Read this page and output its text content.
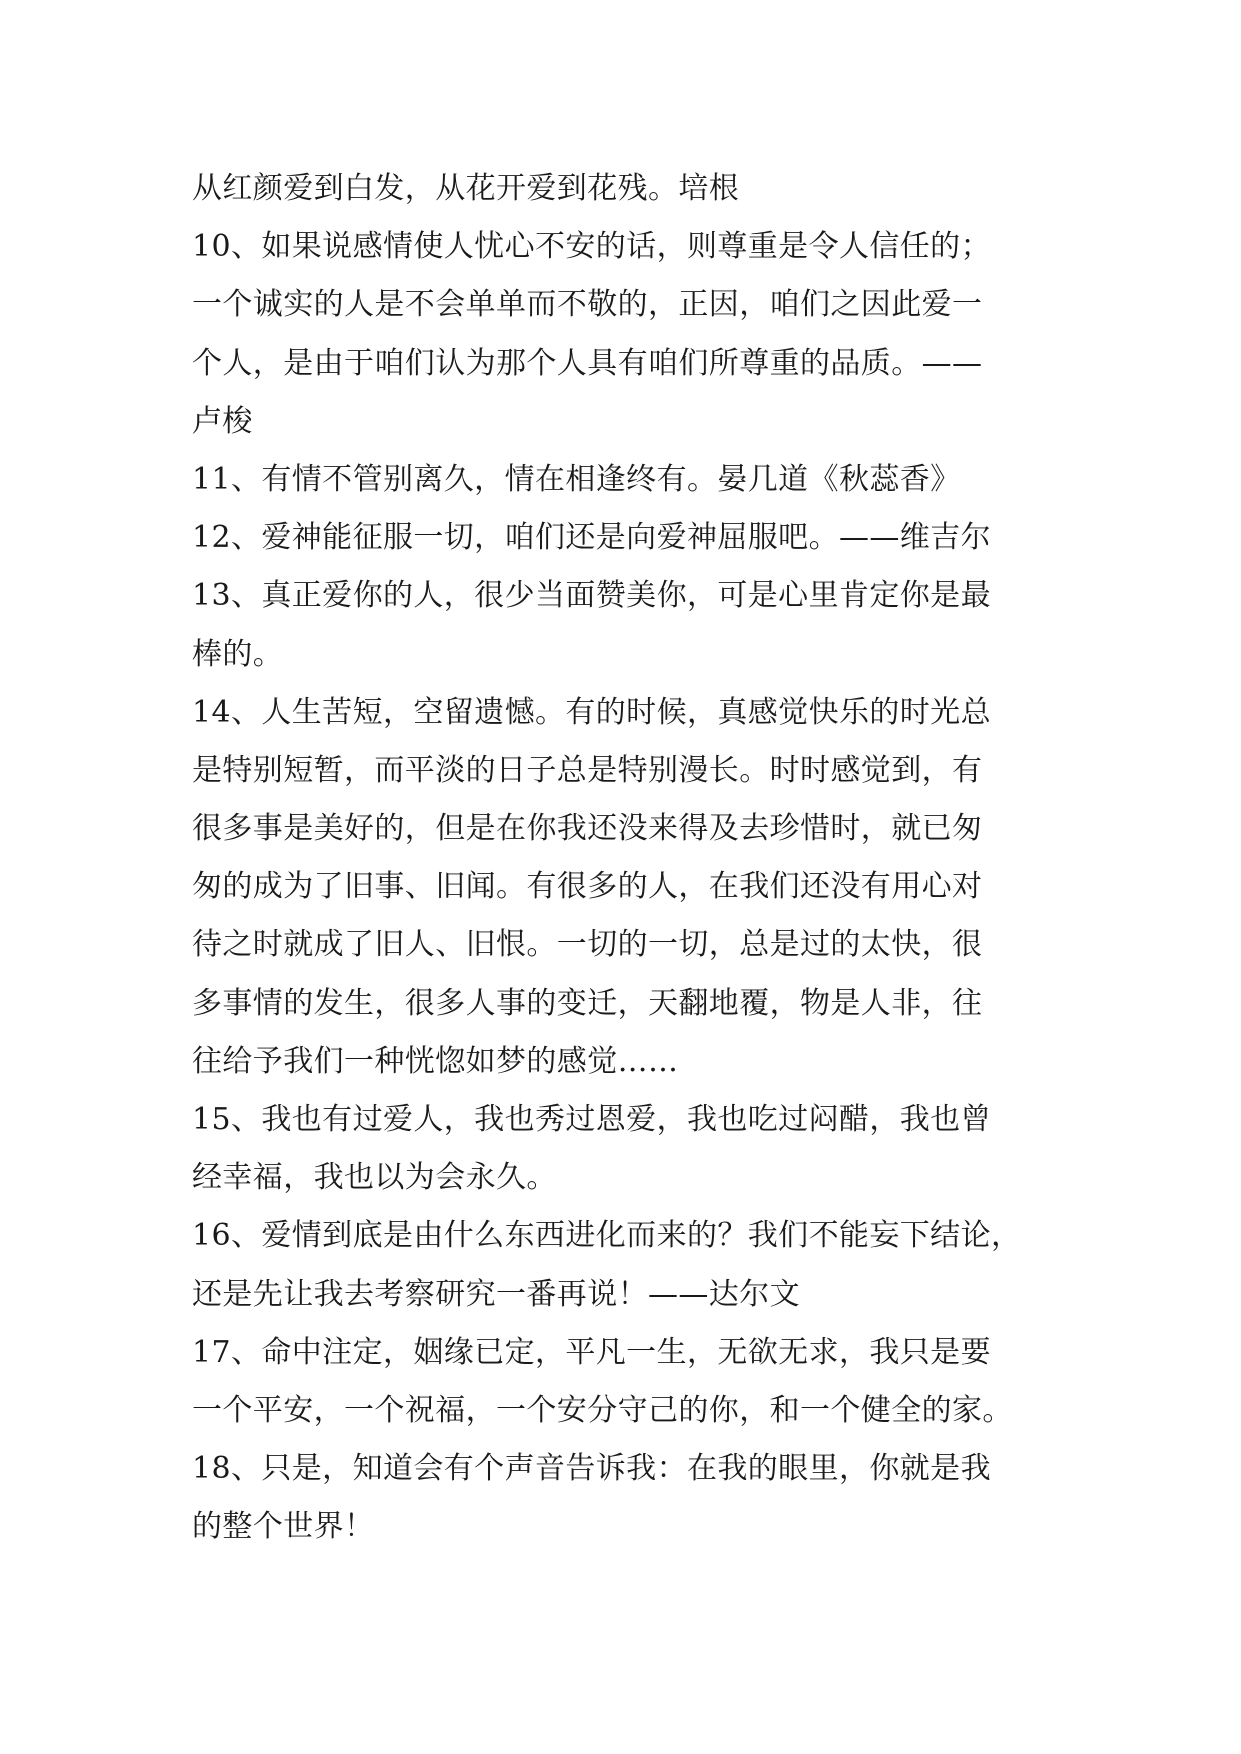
从红颜爱到白发，从花开爱到花残。培根
10、如果说感情使人忧心不安的话，则尊重是令人信任的；
一个诚实的人是不会单单而不敬的，正因，咱们之因此爱一
个人，是由于咱们认为那个人具有咱们所尊重的品质。——
卢梭
11、有情不管别离久，情在相逢终有。晏几道《秋蕊香》
12、爱神能征服一切，咱们还是向爱神屈服吧。——维吉尔
13、真正爱你的人，很少当面赞美你，可是心里肯定你是最
棒的。
14、人生苦短，空留遗憾。有的时候，真感觉快乐的时光总
是特别短暂，而平淡的日子总是特别漫长。时时感觉到，有
很多事是美好的，但是在你我还没来得及去珍惜时，就已匆
匆的成为了旧事、旧闻。有很多的人，在我们还没有用心对
待之时就成了旧人、旧恨。一切的一切，总是过的太快，很
多事情的发生，很多人事的变迁，天翻地覆，物是人非，往
往给予我们一种恍惚如梦的感觉……
15、我也有过爱人，我也秀过恩爱，我也吃过闷醋，我也曾
经幸福，我也以为会永久。
16、爱情到底是由什么东西进化而来的？我们不能妄下结论，
还是先让我去考察研究一番再说！——达尔文
17、命中注定，姻缘已定，平凡一生，无欲无求，我只是要
一个平安，一个祝福，一个安分守己的你，和一个健全的家。
18、只是，知道会有个声音告诉我：在我的眼里，你就是我
的整个世界！
